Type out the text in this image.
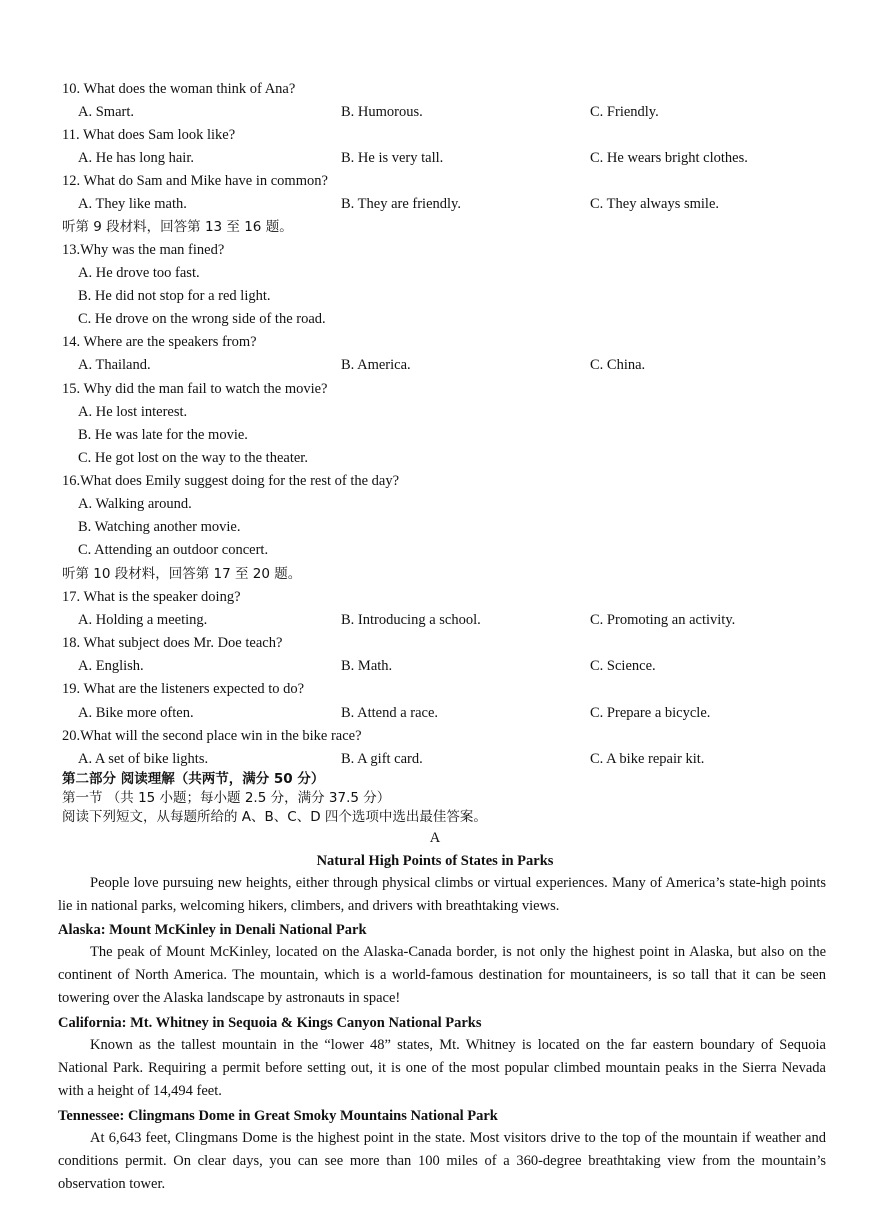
10. What does the woman think of Ana?
A. Smart.	B. Humorous.	C. Friendly.
11. What does Sam look like?
A. He has long hair.	B. He is very tall.	C. He wears bright clothes.
12. What do Sam and Mike have in common?
A. They like math.	B. They are friendly.	C. They always smile.
听第 9 段材料，回答第 13 至 16 题。
13.Why was the man fined?
A. He drove too fast.
B. He did not stop for a red light.
C. He drove on the wrong side of the road.
14. Where are the speakers from?
A. Thailand.	B. America.	C. China.
15. Why did the man fail to watch the movie?
A. He lost interest.
B. He was late for the movie.
C. He got lost on the way to the theater.
16.What does Emily suggest doing for the rest of the day?
A. Walking around.
B. Watching another movie.
C. Attending an outdoor concert.
听第 10 段材料，回答第 17 至 20 题。
17. What is the speaker doing?
A. Holding a meeting.	B. Introducing a school.	C. Promoting an activity.
18. What subject does Mr. Doe teach?
A. English.	B. Math.	C. Science.
19. What are the listeners expected to do?
A. Bike more often.	B. Attend a race.	C. Prepare a bicycle.
20.What will the second place win in the bike race?
A. A set of bike lights.	B. A gift card.	C. A bike repair kit.
第二部分 阅读理解（共两节，满分 50 分）
第一节 （共 15 小题；每小题 2.5 分，满分 37.5 分）
阅读下列短文，从每题所给的 A、B、C、D 四个选项中选出最佳答案。
A
Natural High Points of States in Parks
People love pursuing new heights, either through physical climbs or virtual experiences. Many of America’s state-high points lie in national parks, welcoming hikers, climbers, and drivers with breathtaking views.
Alaska: Mount McKinley in Denali National Park
The peak of Mount McKinley, located on the Alaska-Canada border, is not only the highest point in Alaska, but also on the continent of North America. The mountain, which is a world-famous destination for mountaineers, is so tall that it can be seen towering over the Alaska landscape by astronauts in space!
California: Mt. Whitney in Sequoia & Kings Canyon National Parks
Known as the tallest mountain in the “lower 48” states, Mt. Whitney is located on the far eastern boundary of Sequoia National Park. Requiring a permit before setting out, it is one of the most popular climbed mountain peaks in the Sierra Nevada with a height of 14,494 feet.
Tennessee: Clingmans Dome in Great Smoky Mountains National Park
At 6,643 feet, Clingmans Dome is the highest point in the state. Most visitors drive to the top of the mountain if weather and conditions permit. On clear days, you can see more than 100 miles of a 360-degree breathtaking view from the mountain’s observation tower.
